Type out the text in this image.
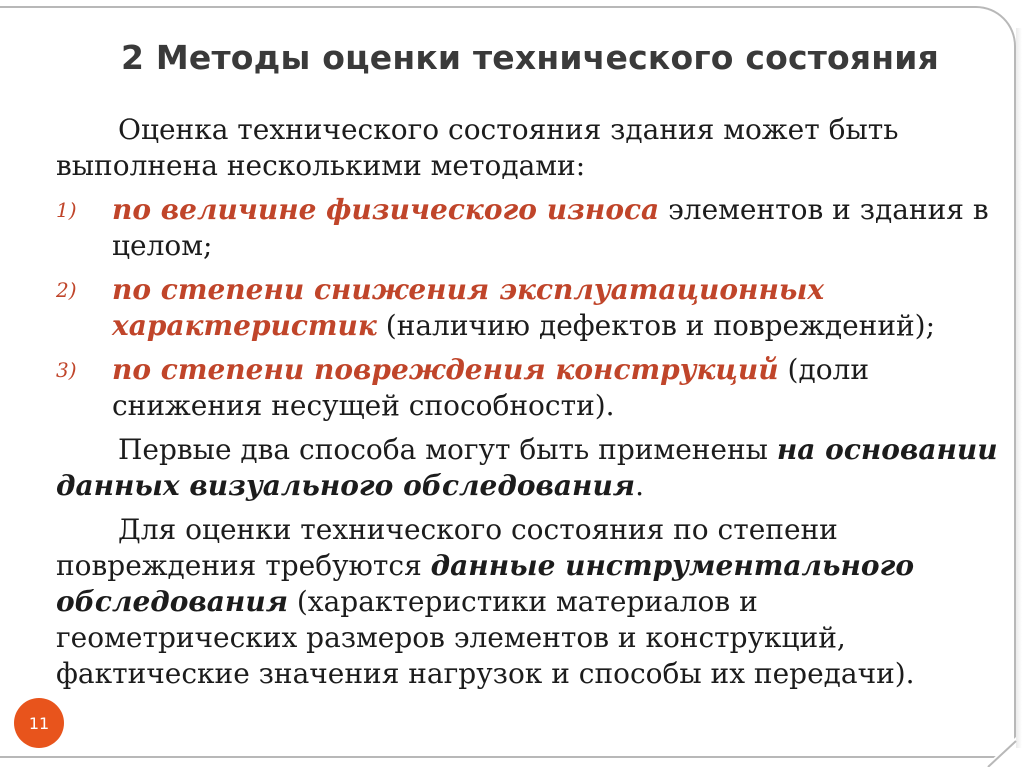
2 Методы оценки технического состояния

Оценка технического состояния здания может быть выполнена несколькими методами:

1) по величине физического износа элементов и здания в целом;
2) по степени снижения эксплуатационных характеристик (наличию дефектов и повреждений);
3) по степени повреждения конструкций (доли снижения несущей способности).

Первые два способа могут быть применены на основании данных визуального обследования.

Для оценки технического состояния по степени повреждения требуются данные инструментального обследования (характеристики материалов и геометрических размеров элементов и конструкций, фактические значения нагрузок и способы их передачи).

11
